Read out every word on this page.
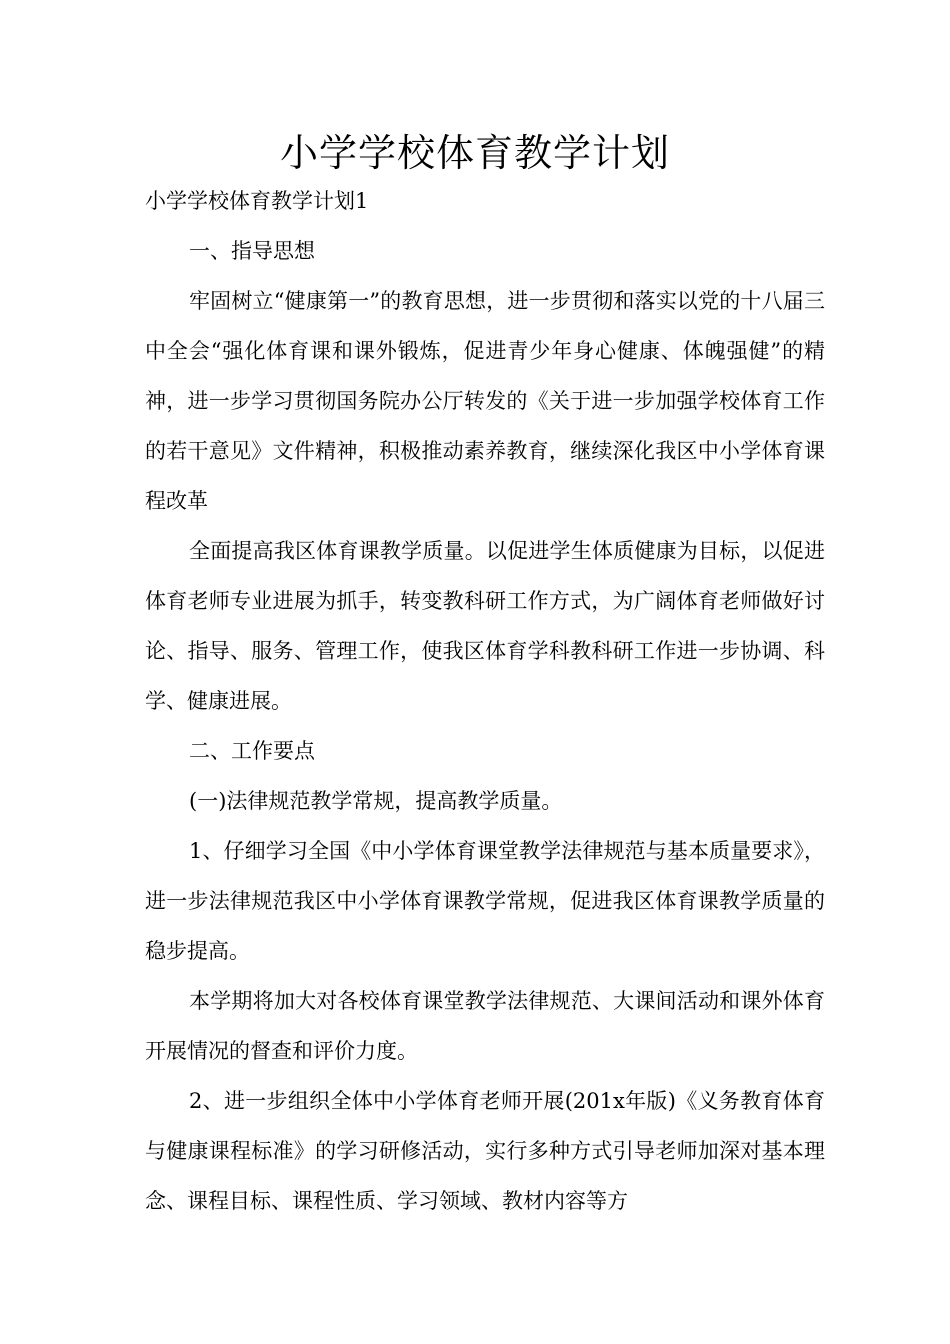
小学学校体育教学计划
小学学校体育教学计划1

一、指导思想

牢固树立“健康第一”的教育思想，进一步贯彻和落实以党的十八届三中全会“强化体育课和课外锻炼，促进青少年身心健康、体魄强健”的精神，进一步学习贯彻国务院办公厅转发的《关于进一步加强学校体育工作的若干意见》文件精神，积极推动素养教育，继续深化我区中小学体育课程改革

全面提高我区体育课教学质量。以促进学生体质健康为目标，以促进体育老师专业进展为抓手，转变教科研工作方式，为广阔体育老师做好讨论、指导、服务、管理工作，使我区体育学科教科研工作进一步协调、科学、健康进展。

二、工作要点

(一)法律规范教学常规，提高教学质量。

1、仔细学习全国《中小学体育课堂教学法律规范与基本质量要求》，进一步法律规范我区中小学体育课教学常规，促进我区体育课教学质量的稳步提高。

本学期将加大对各校体育课堂教学法律规范、大课间活动和课外体育开展情况的督查和评价力度。

2、进一步组织全体中小学体育老师开展(201x年版)《义务教育体育与健康课程标准》的学习研修活动，实行多种方式引导老师加深对基本理念、课程目标、课程性质、学习领域、教材内容等方
